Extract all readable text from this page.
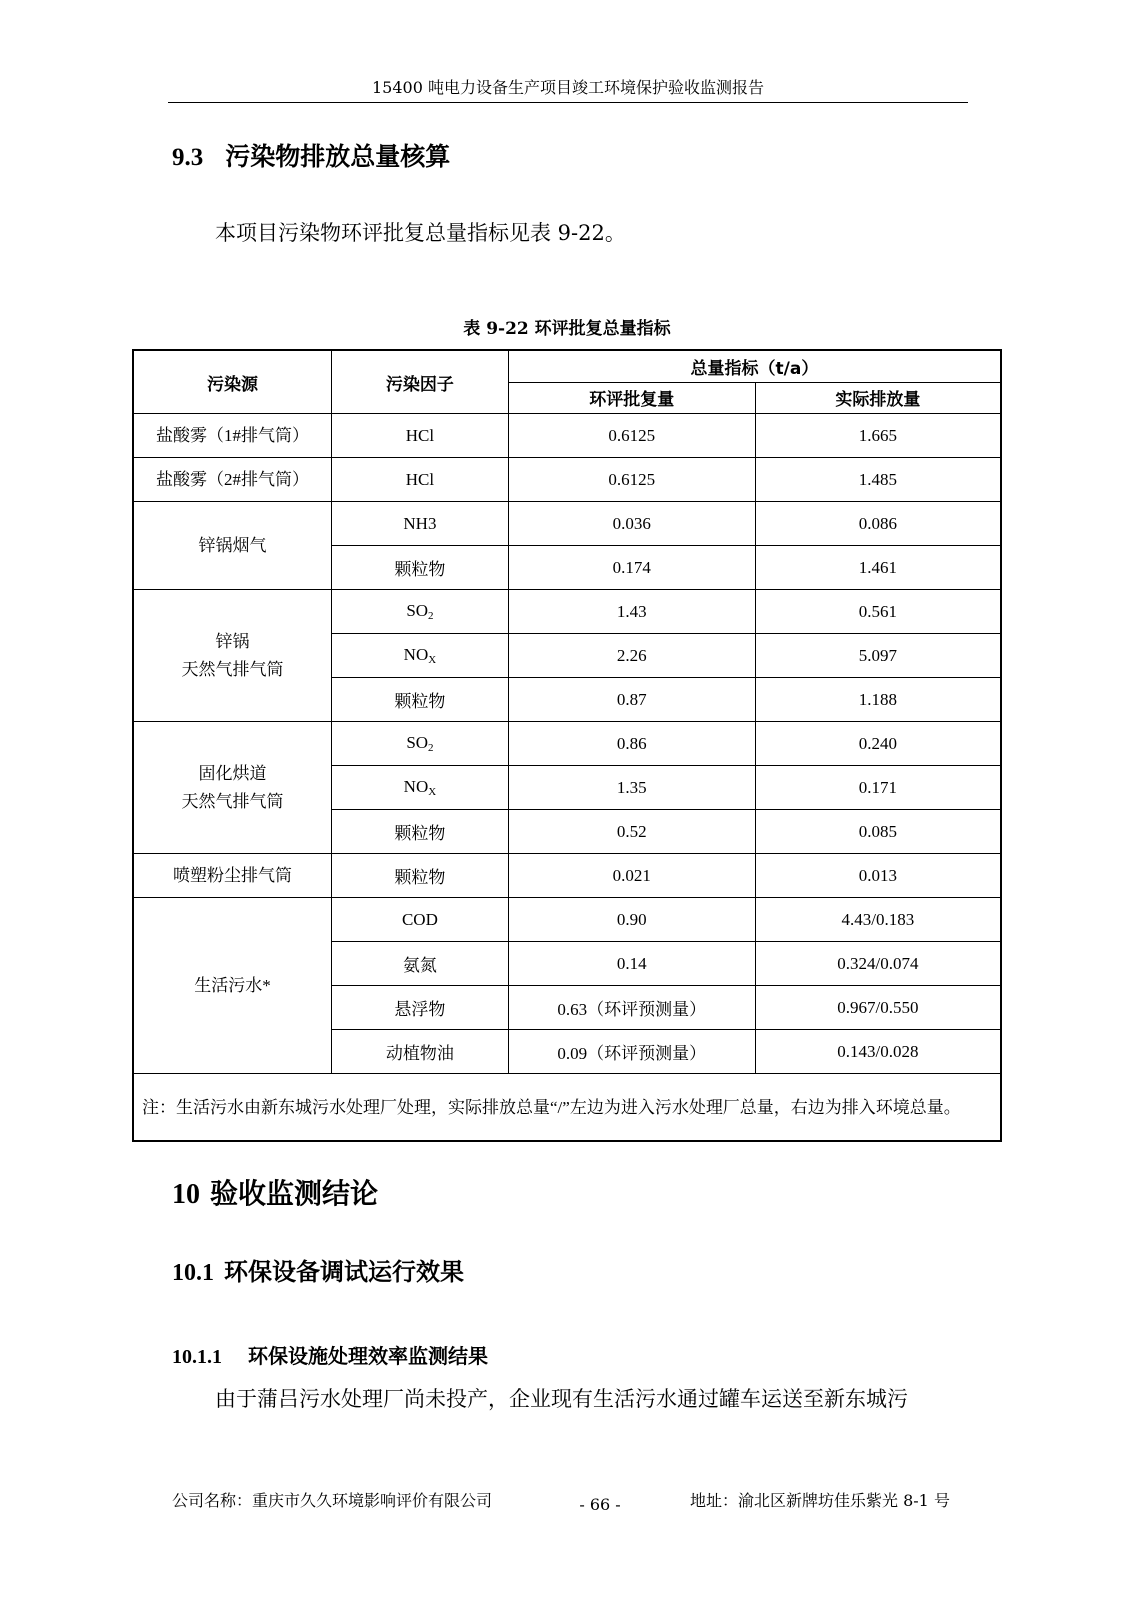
15400 吨电力设备生产项目竣工环境保护验收监测报告
9.3 污染物排放总量核算
本项目污染物环评批复总量指标见表 9-22。
表 9-22 环评批复总量指标
污染源	污染因子	总量指标（t/a）	
		环评批复量	实际排放量

盐酸雾（1#排气筒）	HCl	0.6125	1.665

盐酸雾（2#排气筒）	HCl	0.6125	1.485

锌锅烟气	NH3	0.036	0.086
	颗粒物	0.174	1.461

锌锅
天然气排气筒	$SO_2$	1.43	0.561
	$NO_X$	2.26	5.097
	颗粒物	0.87	1.188

固化烘道
天然气排气筒	$SO_2$	0.86	0.240
	$NO_X$	1.35	0.171
	颗粒物	0.52	0.085

喷塑粉尘排气筒	颗粒物	0.021	0.013

生活污水*	COD	0.90	4.43/0.183
	氨氮	0.14	0.324/0.074
	悬浮物	0.63（环评预测量）	0.967/0.550
	动植物油	0.09（环评预测量）	0.143/0.028
注：生活污水由新东城污水处理厂处理，实际排放总量“/”左边为进入污水处理厂总量，右边为排入环境总量。			
10 验收监测结论
10.1 环保设备调试运行效果
10.1.1 环保设施处理效率监测结果
由于蒲吕污水处理厂尚未投产，企业现有生活污水通过罐车运送至新东城污
公司名称：重庆市久久环境影响评价有限公司	- 66 -	地址：渝北区新牌坊佳乐紫光 8-1 号
